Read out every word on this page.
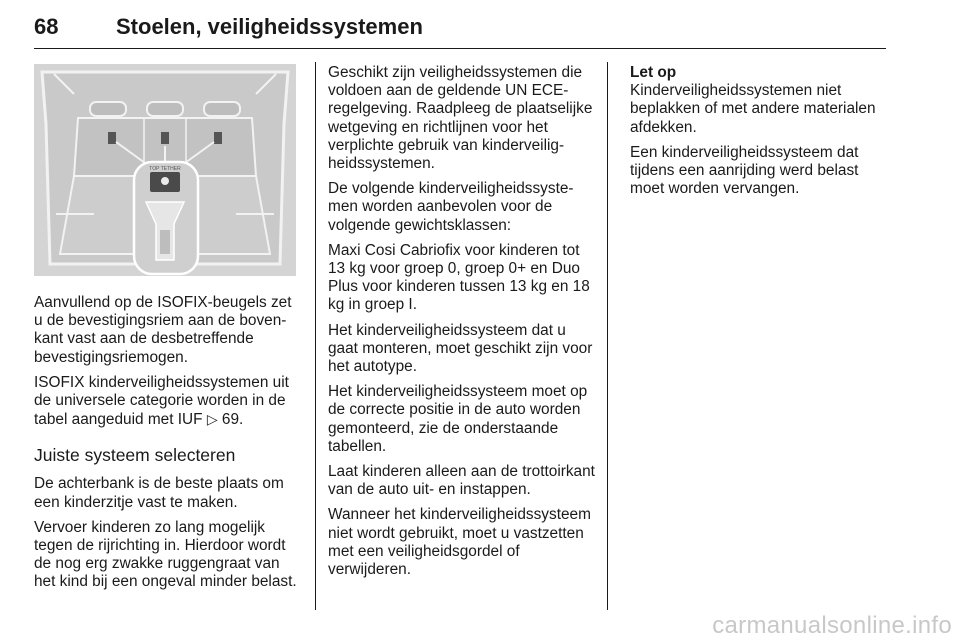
68	Stoelen, veiligheidssystemen
TOP TETHER

Aanvullend op de ISOFIX-beugels zet u de bevestigingsriem aan de bovenkant vast aan de desbetreffende bevestigingsriemogen.

ISOFIX kinderveiligheidssystemen uit de universele categorie worden in de tabel aangeduid met IUF ▷ 69.

Juiste systeem selecteren

De achterbank is de beste plaats om een kinderzitje vast te maken.

Vervoer kinderen zo lang mogelijk tegen de rijrichting in. Hierdoor wordt de nog erg zwakke ruggengraat van het kind bij een ongeval minder belast.

Geschikt zijn veiligheidssystemen die voldoen aan de geldende UN ECE-regelgeving. Raadpleeg de plaatselijke wetgeving en richtlijnen voor het verplichte gebruik van kinderveiligheidssystemen.

De volgende kinderveiligheidssystemen worden aanbevolen voor de volgende gewichtsklassen:

Maxi Cosi Cabriofix voor kinderen tot 13 kg voor groep 0, groep 0+ en Duo Plus voor kinderen tussen 13 kg en 18 kg in groep I.

Het kinderveiligheidssysteem dat u gaat monteren, moet geschikt zijn voor het autotype.

Het kinderveiligheidssysteem moet op de correcte positie in de auto worden gemonteerd, zie de onderstaande tabellen.

Laat kinderen alleen aan de trottoirkant van de auto uit- en instappen.

Wanneer het kinderveiligheidssysteem niet wordt gebruikt, moet u vastzetten met een veiligheidsgordel of verwijderen.

Let op
Kinderveiligheidssystemen niet beplakken of met andere materialen afdekken.

Een kinderveiligheidssysteem dat tijdens een aanrijding werd belast moet worden vervangen.

carmanualsonline.info
